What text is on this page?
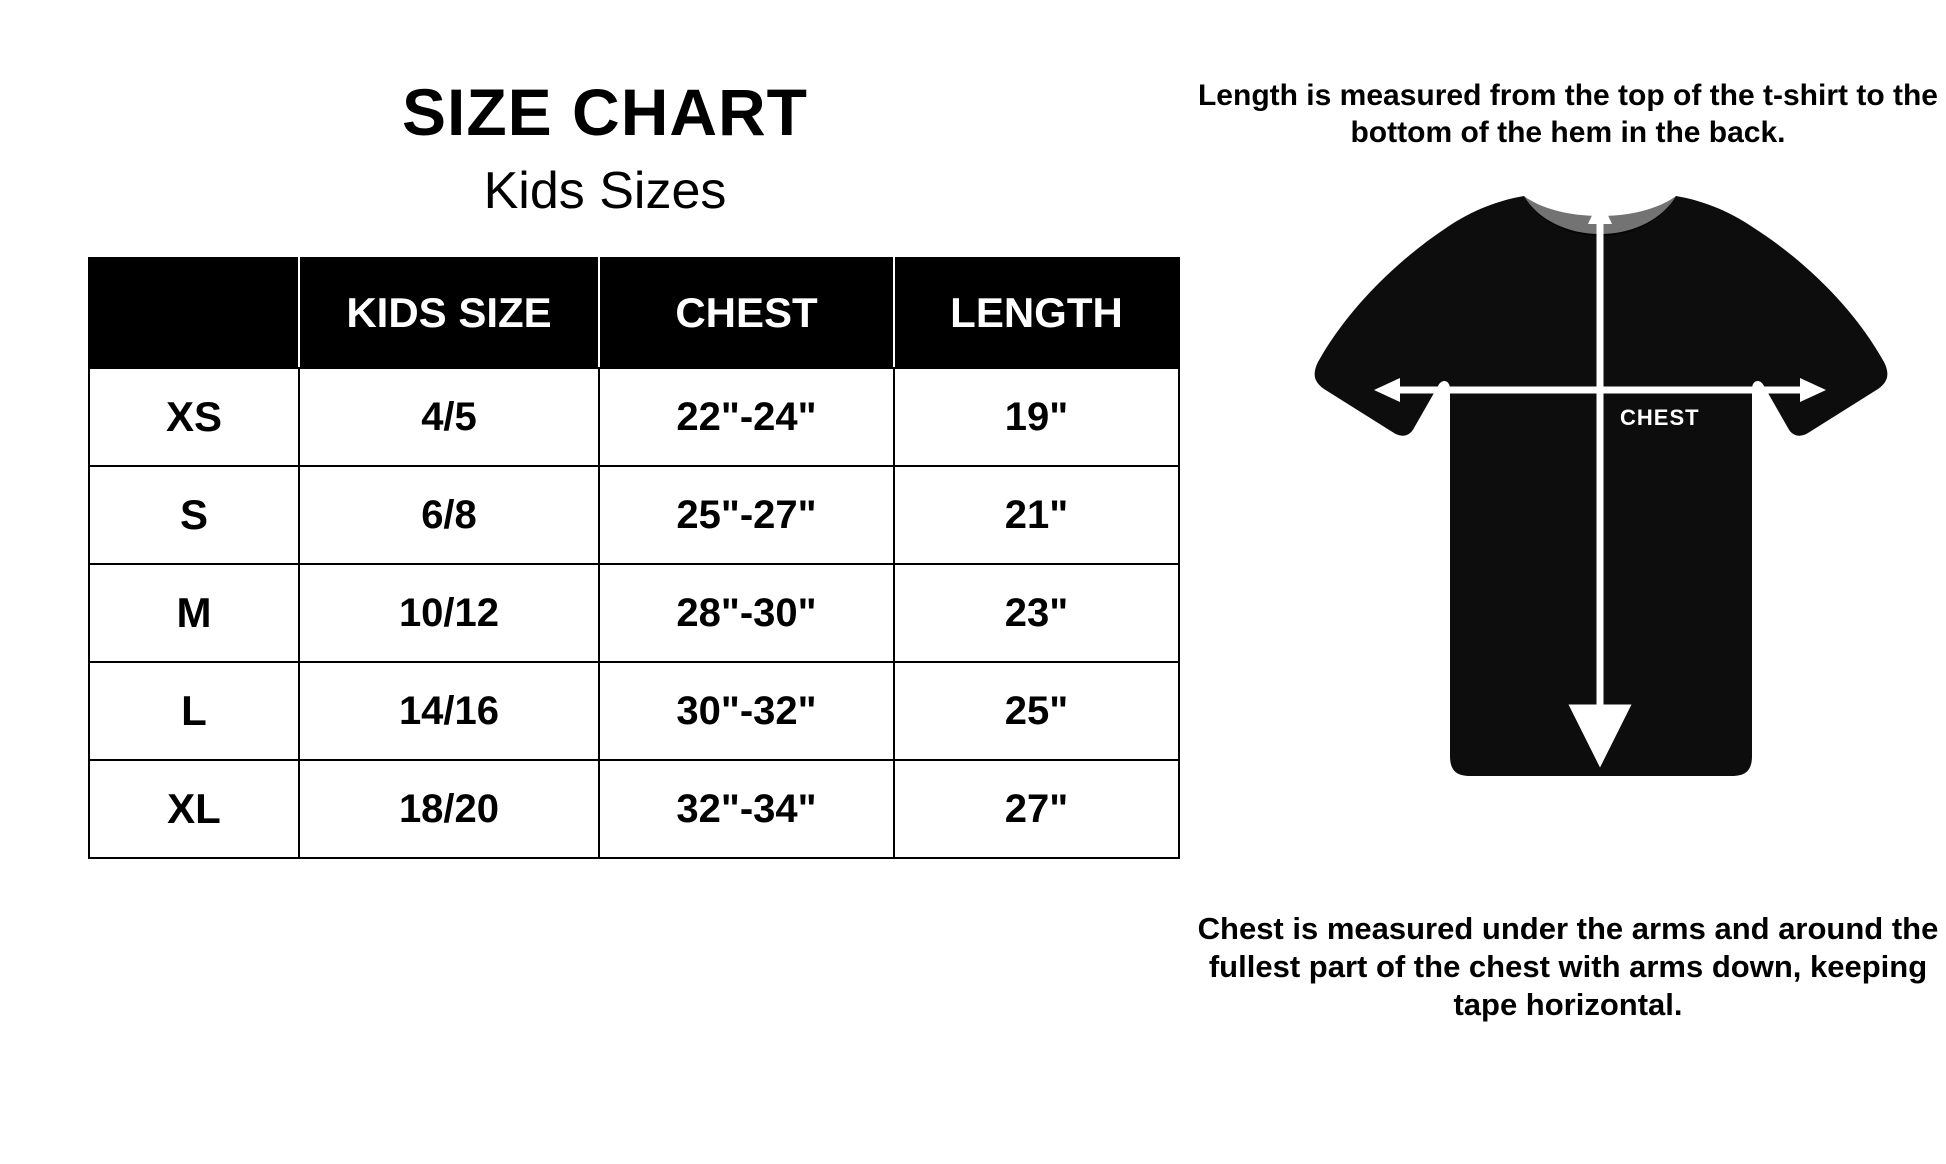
SIZE CHART
Kids Sizes
	KIDS SIZE	CHEST	LENGTH
XS	4/5	22"-24"	19"
S	6/8	25"-27"	21"
M	10/12	28"-30"	23"
L	14/16	30"-32"	25"
XL	18/20	32"-34"	27"
Length is measured from the top of the t-shirt to the bottom of the hem in the back.
CHEST
LENGTH
Chest is measured under the arms and around the fullest part of the chest with arms down, keeping tape horizontal.
